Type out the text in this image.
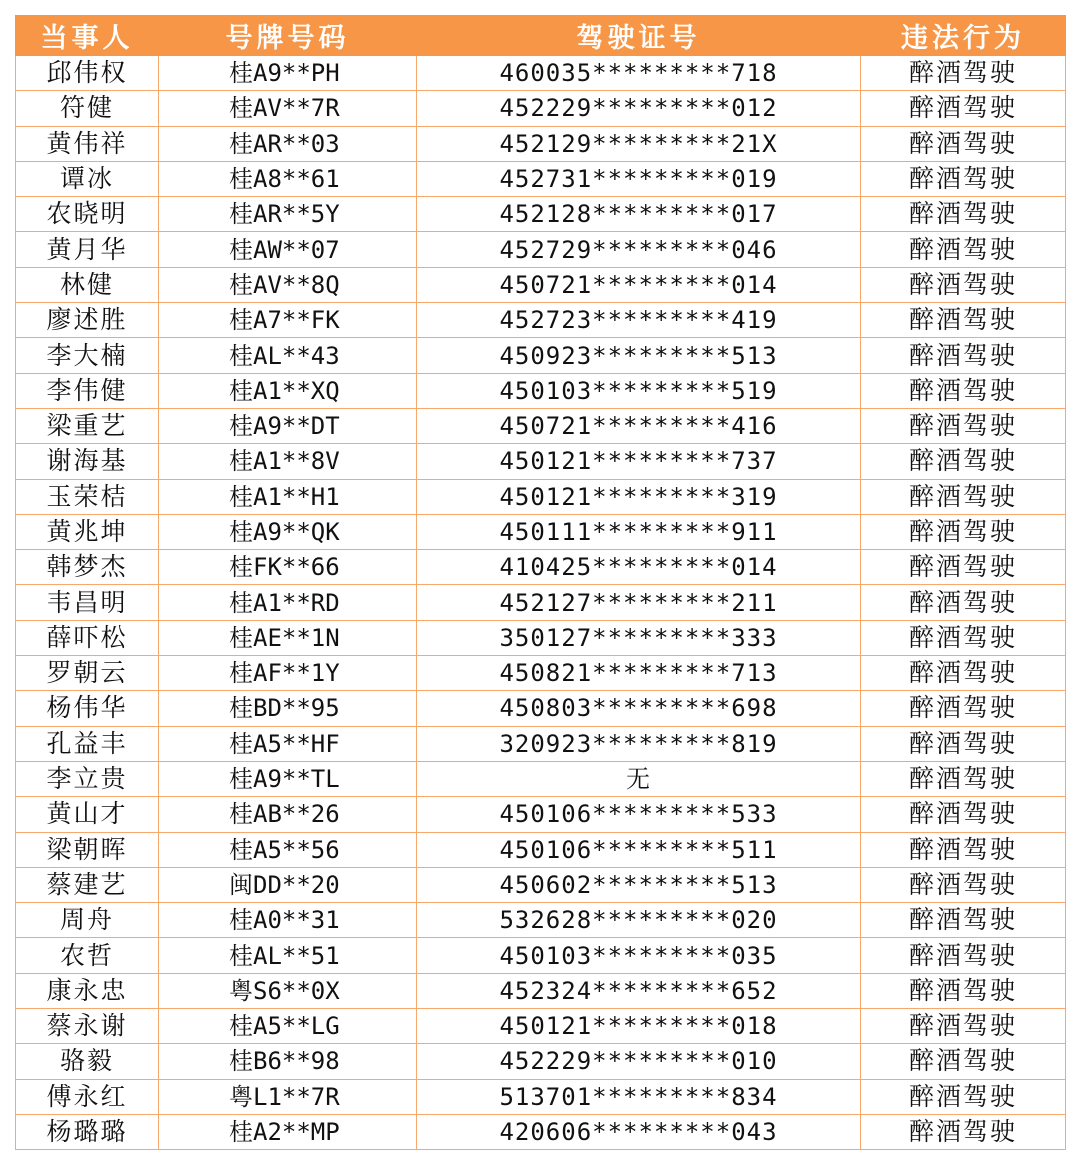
当事人	号牌号码	驾驶证号	违法行为
邱伟权	桂A9**PH	460035*********718	醉酒驾驶
符健	桂AV**7R	452229*********012	醉酒驾驶
黄伟祥	桂AR**03	452129*********21X	醉酒驾驶
谭冰	桂A8**61	452731*********019	醉酒驾驶
农晓明	桂AR**5Y	452128*********017	醉酒驾驶
黄月华	桂AW**07	452729*********046	醉酒驾驶
林健	桂AV**8Q	450721*********014	醉酒驾驶
廖述胜	桂A7**FK	452723*********419	醉酒驾驶
李大楠	桂AL**43	450923*********513	醉酒驾驶
李伟健	桂A1**XQ	450103*********519	醉酒驾驶
梁重艺	桂A9**DT	450721*********416	醉酒驾驶
谢海基	桂A1**8V	450121*********737	醉酒驾驶
玉荣桔	桂A1**H1	450121*********319	醉酒驾驶
黄兆坤	桂A9**QK	450111*********911	醉酒驾驶
韩梦杰	桂FK**66	410425*********014	醉酒驾驶
韦昌明	桂A1**RD	452127*********211	醉酒驾驶
薛吓松	桂AE**1N	350127*********333	醉酒驾驶
罗朝云	桂AF**1Y	450821*********713	醉酒驾驶
杨伟华	桂BD**95	450803*********698	醉酒驾驶
孔益丰	桂A5**HF	320923*********819	醉酒驾驶
李立贵	桂A9**TL	无	醉酒驾驶
黄山才	桂AB**26	450106*********533	醉酒驾驶
梁朝晖	桂A5**56	450106*********511	醉酒驾驶
蔡建艺	闽DD**20	450602*********513	醉酒驾驶
周舟	桂A0**31	532628*********020	醉酒驾驶
农哲	桂AL**51	450103*********035	醉酒驾驶
康永忠	粤S6**0X	452324*********652	醉酒驾驶
蔡永谢	桂A5**LG	450121*********018	醉酒驾驶
骆毅	桂B6**98	452229*********010	醉酒驾驶
傅永红	粤L1**7R	513701*********834	醉酒驾驶
杨璐璐	桂A2**MP	420606*********043	醉酒驾驶
